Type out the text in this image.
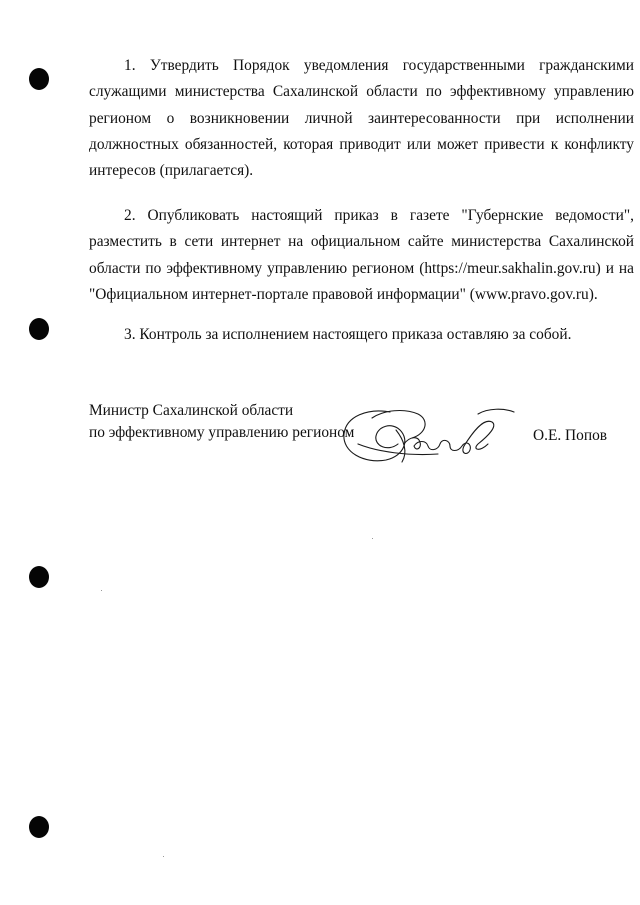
1. Утвердить Порядок уведомления государственными гражданскими служащими министерства Сахалинской области по эффективному управлению регионом о возникновении личной заинтересованности при исполнении должностных обязанностей, которая приводит или может привести к конфликту интересов (прилагается).

2. Опубликовать настоящий приказ в газете "Губернские ведомости", разместить в сети интернет на официальном сайте министерства Сахалинской области по эффективному управлению регионом (https://meur.sakhalin.gov.ru) и на "Официальном интернет-портале правовой информации" (www.pravo.gov.ru).

3. Контроль за исполнением настоящего приказа оставляю за собой.

Министр Сахалинской области
по эффективному управлению регионом	О.Е. Попов
